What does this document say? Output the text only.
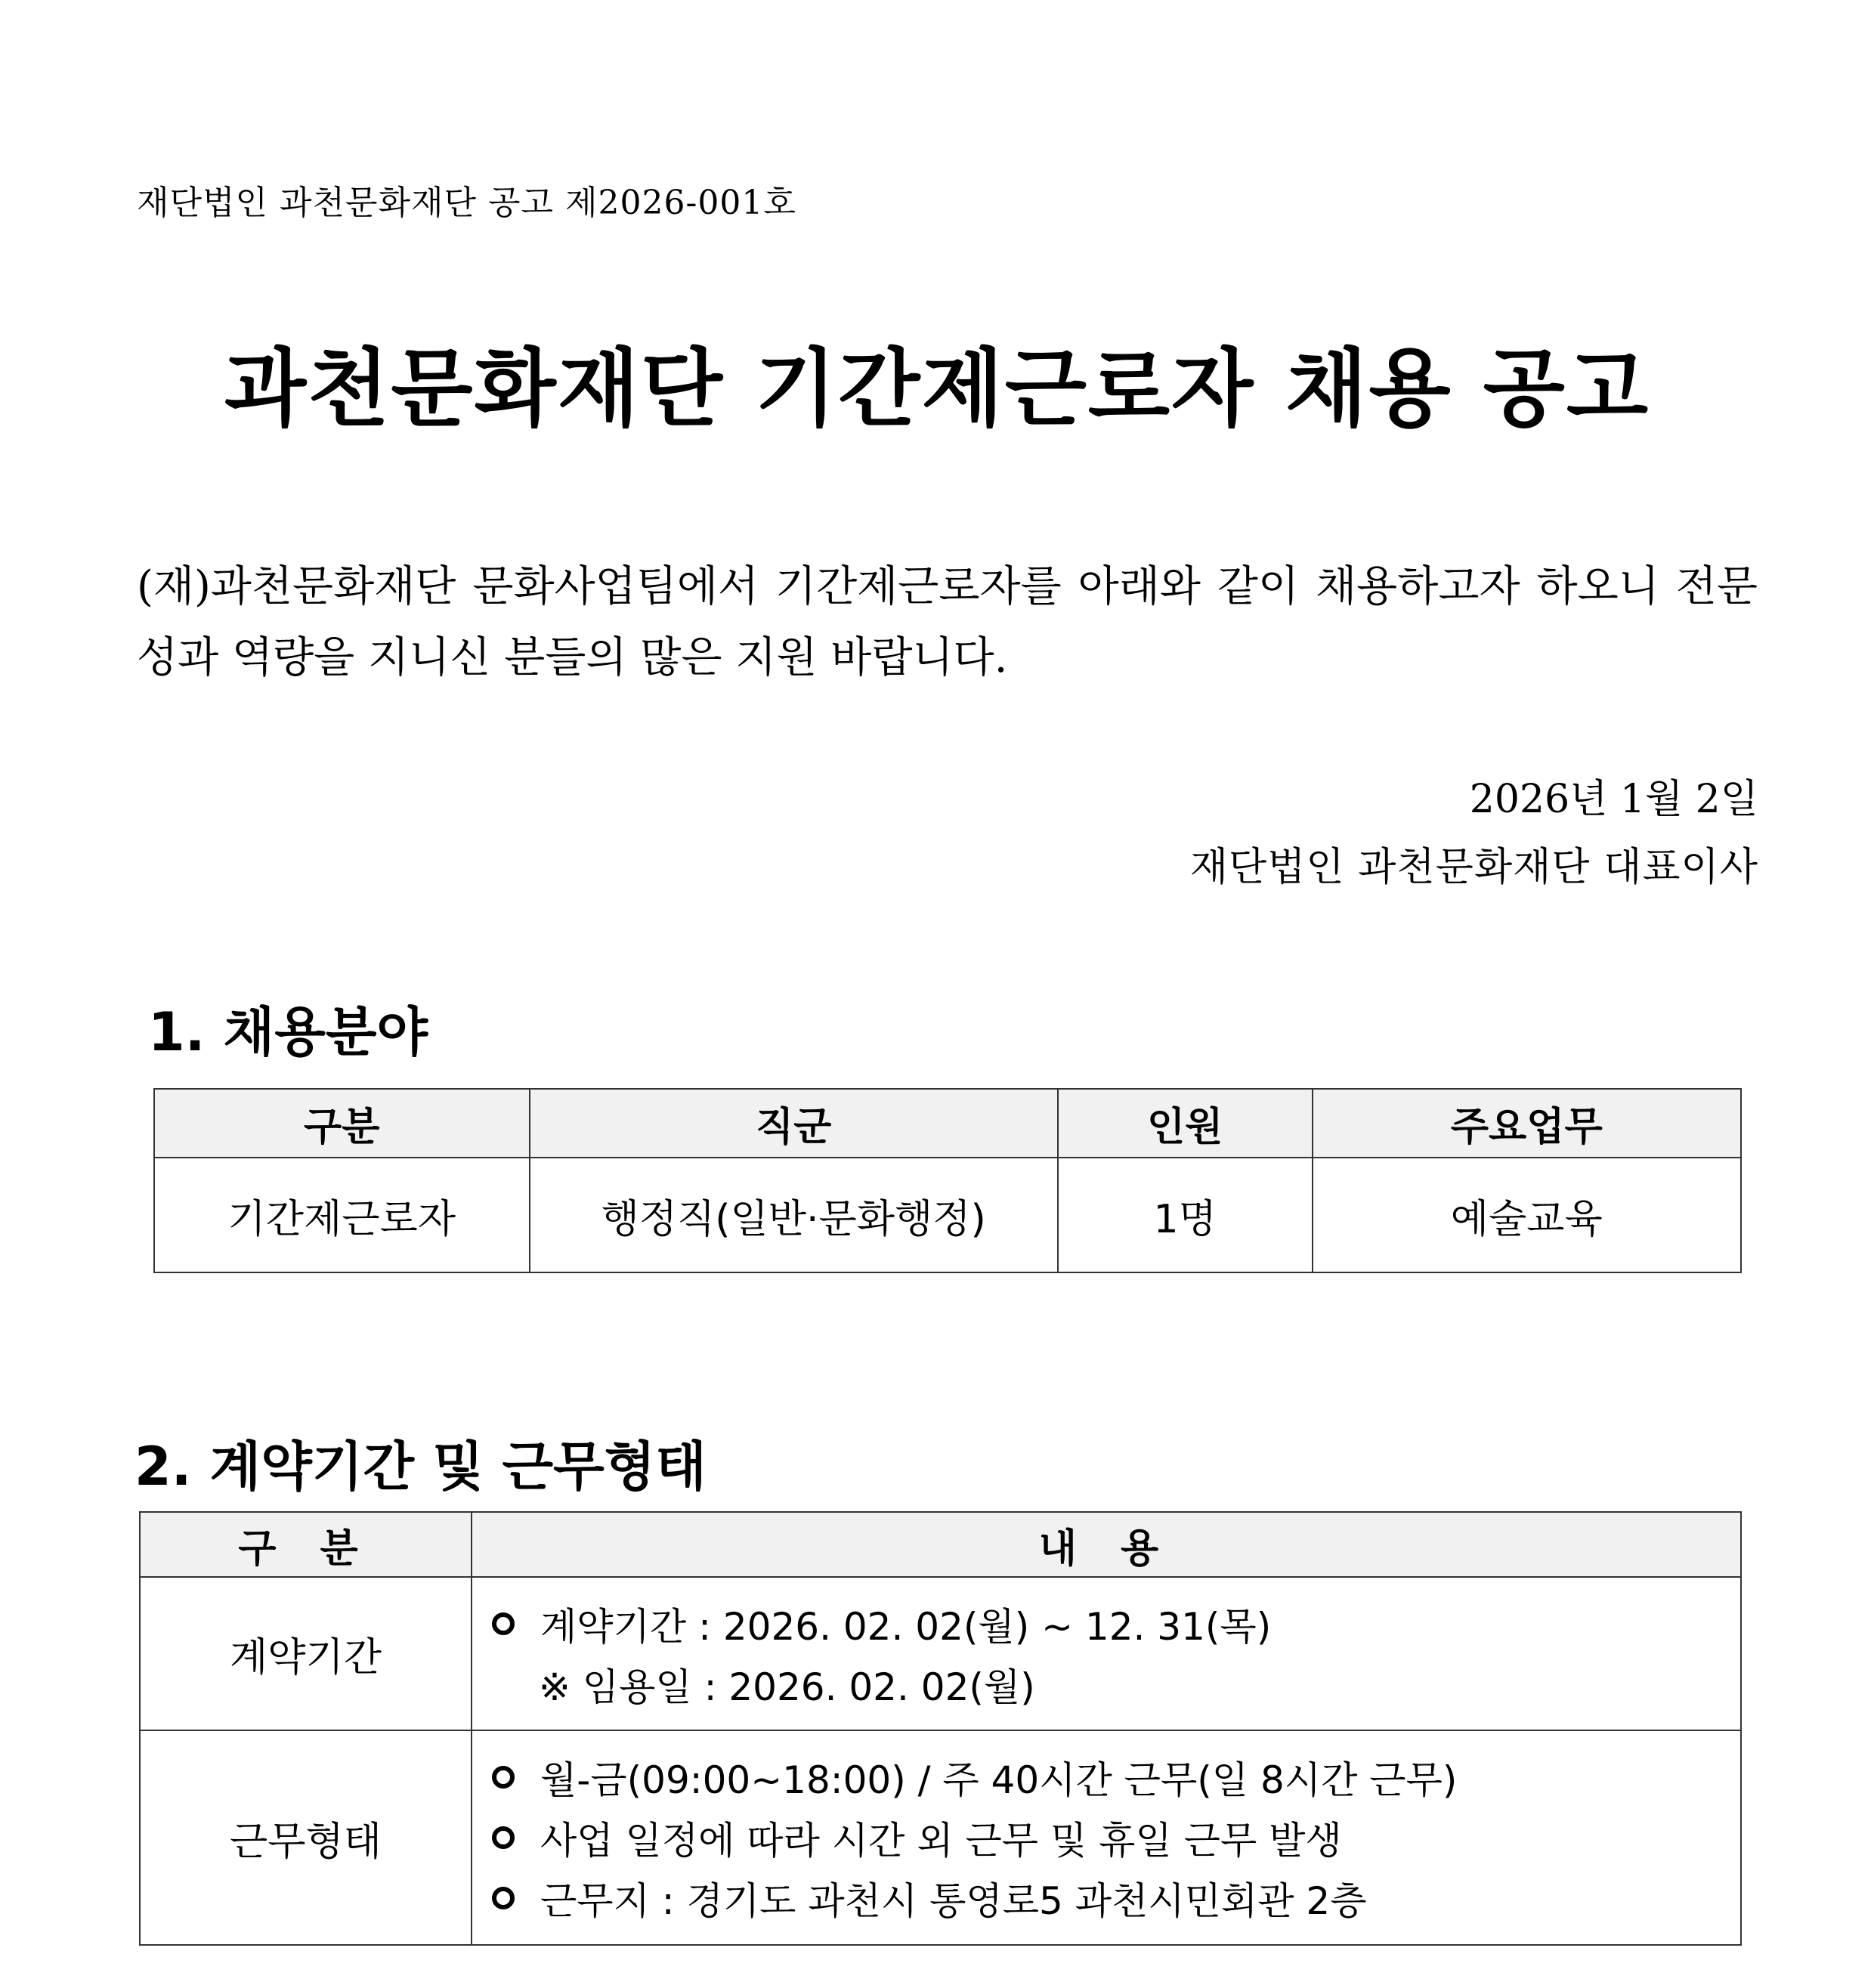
재단법인 과천문화재단 공고 제2026-001호
과천문화재단 기간제근로자 채용 공고

(재)과천문화재단 문화사업팀에서 기간제근로자를 아래와 같이 채용하고자 하오니 전문성과 역량을 지니신 분들의 많은 지원 바랍니다.

2026년 1월 2일
재단법인 과천문화재단 대표이사
1. 채용분야
구분	직군	인원	주요업무
기간제근로자	행정직(일반·문화행정)	1명	예술교육
2. 계약기간 및 근무형태
구 분	내 용
계약기간	계약기간 : 2026. 02. 02(월) ~ 12. 31(목)
※ 임용일 : 2026. 02. 02(월)

근무형태	월-금(09:00~18:00) / 주 40시간 근무(일 8시간 근무)
사업 일정에 따라 시간 외 근무 및 휴일 근무 발생
근무지 : 경기도 과천시 통영로5 과천시민회관 2층
